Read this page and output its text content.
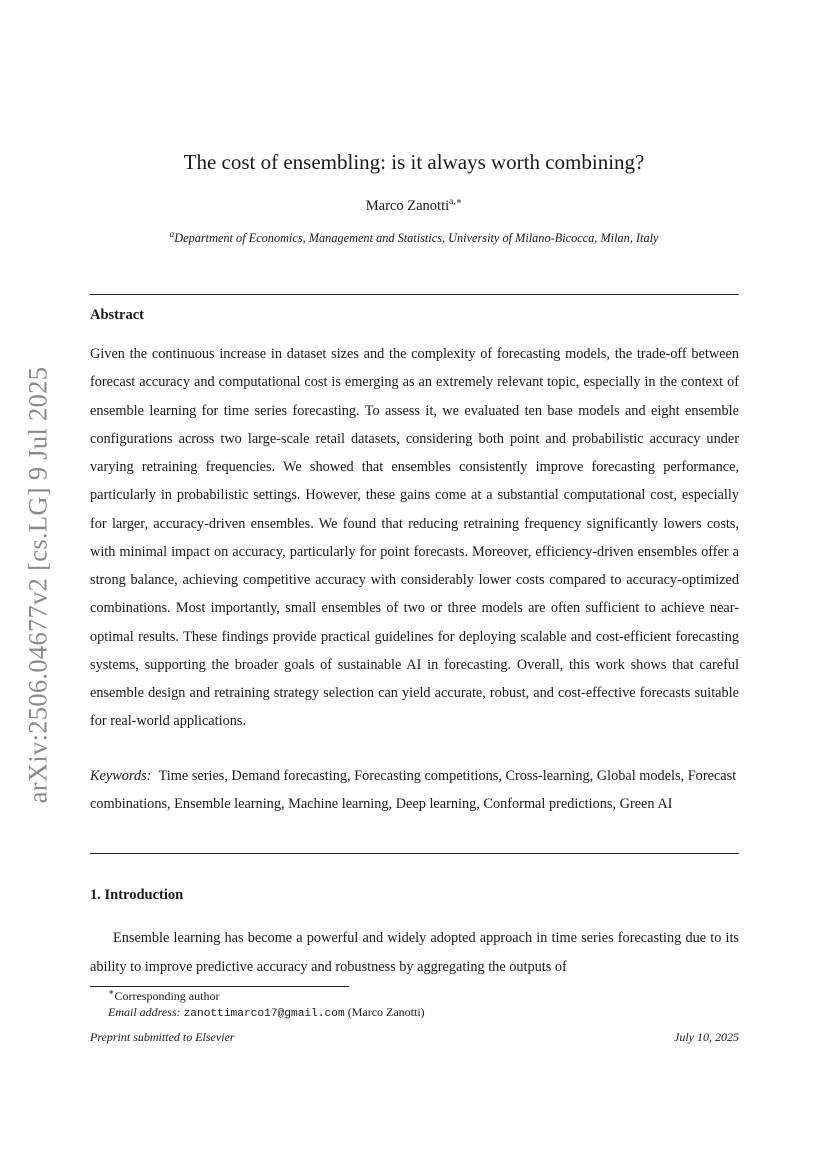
arXiv:2506.04677v2 [cs.LG] 9 Jul 2025
The cost of ensembling: is it always worth combining?
Marco Zanotti$^{a,∗}$
$^a$Department of Economics, Management and Statistics, University of Milano-Bicocca, Milan, Italy
Abstract
Given the continuous increase in dataset sizes and the complexity of forecasting models, the trade-off between forecast accuracy and computational cost is emerging as an extremely relevant topic, especially in the context of ensemble learning for time series forecasting. To assess it, we evaluated ten base models and eight ensemble configurations across two large-scale retail datasets, considering both point and probabilistic accuracy under varying retraining frequencies. We showed that ensembles consistently improve forecasting performance, particularly in probabilistic settings. However, these gains come at a substantial computational cost, especially for larger, accuracy-driven ensembles. We found that reducing retraining frequency significantly lowers costs, with minimal impact on accuracy, particularly for point forecasts. Moreover, efficiency-driven ensembles offer a strong balance, achieving competitive accuracy with considerably lower costs compared to accuracy-optimized combinations. Most importantly, small ensembles of two or three models are often sufficient to achieve near-optimal results. These findings provide practical guidelines for deploying scalable and cost-efficient forecasting systems, supporting the broader goals of sustainable AI in forecasting. Overall, this work shows that careful ensemble design and retraining strategy selection can yield accurate, robust, and cost-effective forecasts suitable for real-world applications.
Keywords: Time series, Demand forecasting, Forecasting competitions, Cross-learning, Global models, Forecast combinations, Ensemble learning, Machine learning, Deep learning, Conformal predictions, Green AI
1. Introduction
Ensemble learning has become a powerful and widely adopted approach in time series forecasting due to its ability to improve predictive accuracy and robustness by aggregating the outputs of
∗Corresponding author
Email address: zanottimarco17@gmail.com (Marco Zanotti)
Preprint submitted to Elsevier	July 10, 2025
